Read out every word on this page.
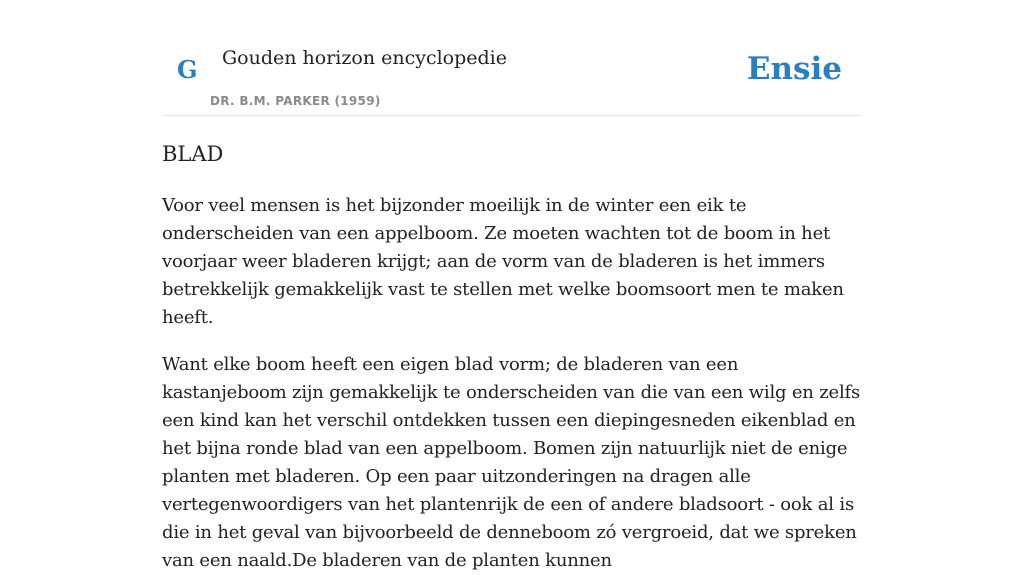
G Gouden horizon encyclopedie
DR. B.M. PARKER (1959)
Ensie
BLAD

Voor veel mensen is het bijzonder moeilijk in de winter een eik te onderscheiden van een appelboom. Ze moeten wachten tot de boom in het voorjaar weer bladeren krijgt; aan de vorm van de bladeren is het immers betrekkelijk gemakkelijk vast te stellen met welke boomsoort men te maken heeft.

Want elke boom heeft een eigen blad vorm; de bladeren van een kastanjeboom zijn gemakkelijk te onderscheiden van die van een wilg en zelfs een kind kan het verschil ontdekken tussen een diepingesneden eikenblad en het bijna ronde blad van een appelboom. Bomen zijn natuurlijk niet de enige planten met bladeren. Op een paar uitzonderingen na dragen alle vertegenwoordigers van het plantenrijk de een of andere bladsoort - ook al is die in het geval van bijvoorbeeld de denneboom zó vergroeid, dat we spreken van een naald.De bladeren van de planten kunnen
